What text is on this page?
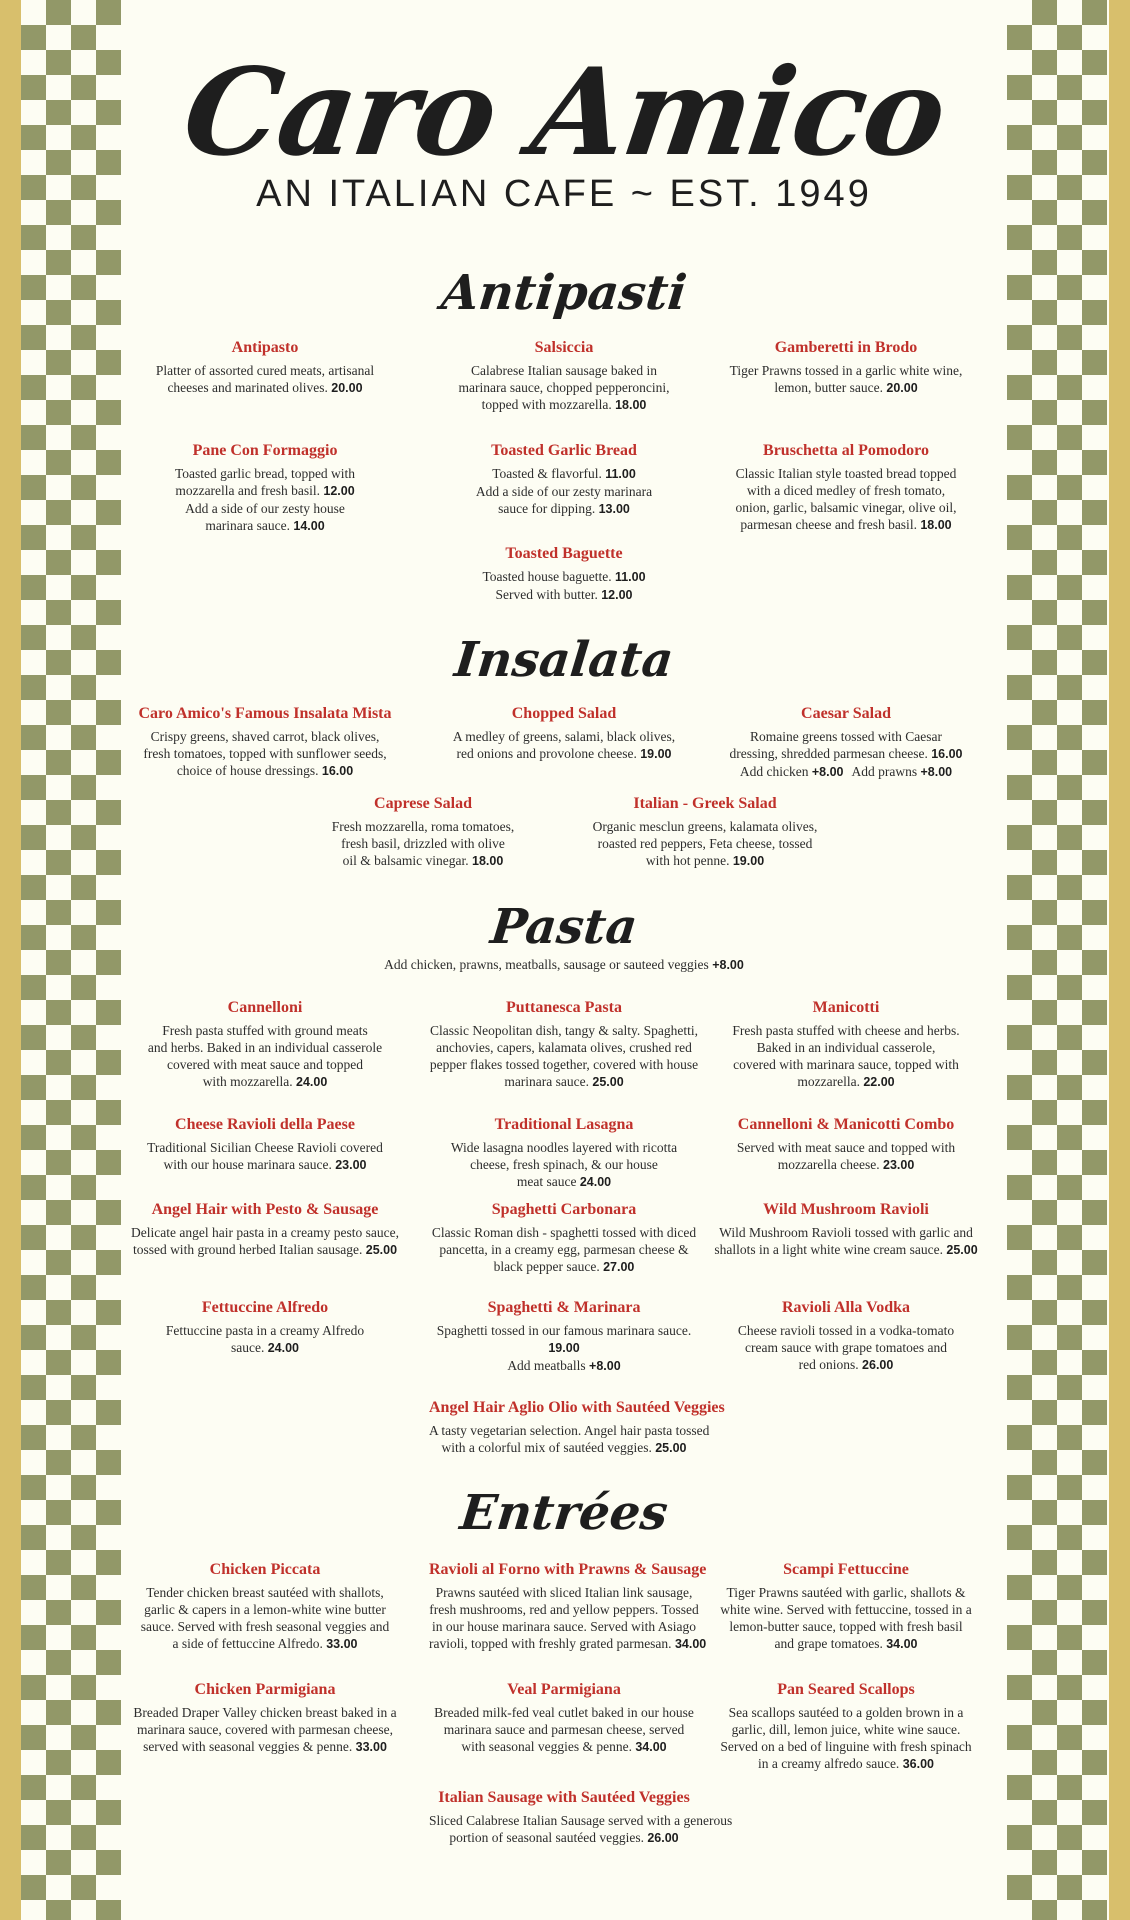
Caro Amico
AN ITALIAN CAFE ~ EST. 1949
Antipasti
Antipasto
Platter of assorted cured meats, artisanal
cheeses and marinated olives. 20.00
Salsiccia
Calabrese Italian sausage baked in
marinara sauce, chopped pepperoncini,
topped with mozzarella. 18.00
Gamberetti in Brodo
Tiger Prawns tossed in a garlic white wine,
lemon, butter sauce. 20.00
Pane Con Formaggio
Toasted garlic bread, topped with
mozzarella and fresh basil. 12.00
Add a side of our zesty house
marinara sauce. 14.00
Toasted Garlic Bread
Toasted & flavorful. 11.00
Add a side of our zesty marinara
sauce for dipping. 13.00
Bruschetta al Pomodoro
Classic Italian style toasted bread topped
with a diced medley of fresh tomato,
onion, garlic, balsamic vinegar, olive oil,
parmesan cheese and fresh basil. 18.00
Toasted Baguette
Toasted house baguette. 11.00
Served with butter. 12.00
Insalata
Caro Amico's Famous Insalata Mista
Crispy greens, shaved carrot, black olives,
fresh tomatoes, topped with sunflower seeds,
choice of house dressings. 16.00
Chopped Salad
A medley of greens, salami, black olives,
red onions and provolone cheese. 19.00
Caesar Salad
Romaine greens tossed with Caesar
dressing, shredded parmesan cheese. 16.00
Add chicken +8.00 Add prawns +8.00
Caprese Salad
Fresh mozzarella, roma tomatoes,
fresh basil, drizzled with olive
oil & balsamic vinegar. 18.00
Italian - Greek Salad
Organic mesclun greens, kalamata olives,
roasted red peppers, Feta cheese, tossed
with hot penne. 19.00
Pasta
Add chicken, prawns, meatballs, sausage or sauteed veggies +8.00
Cannelloni
Fresh pasta stuffed with ground meats
and herbs. Baked in an individual casserole
covered with meat sauce and topped
with mozzarella. 24.00
Puttanesca Pasta
Classic Neopolitan dish, tangy & salty. Spaghetti,
anchovies, capers, kalamata olives, crushed red
pepper flakes tossed together, covered with house
marinara sauce. 25.00
Manicotti
Fresh pasta stuffed with cheese and herbs.
Baked in an individual casserole,
covered with marinara sauce, topped with
mozzarella. 22.00
Cheese Ravioli della Paese
Traditional Sicilian Cheese Ravioli covered
with our house marinara sauce. 23.00
Traditional Lasagna
Wide lasagna noodles layered with ricotta
cheese, fresh spinach, & our house
meat sauce 24.00
Cannelloni & Manicotti Combo
Served with meat sauce and topped with
mozzarella cheese. 23.00
Angel Hair with Pesto & Sausage
Delicate angel hair pasta in a creamy pesto sauce,
tossed with ground herbed Italian sausage. 25.00
Spaghetti Carbonara
Classic Roman dish - spaghetti tossed with diced
pancetta, in a creamy egg, parmesan cheese &
black pepper sauce. 27.00
Wild Mushroom Ravioli
Wild Mushroom Ravioli tossed with garlic and
shallots in a light white wine cream sauce. 25.00
Fettuccine Alfredo
Fettuccine pasta in a creamy Alfredo
sauce. 24.00
Spaghetti & Marinara
Spaghetti tossed in our famous marinara sauce.
19.00
Add meatballs +8.00
Ravioli Alla Vodka
Cheese ravioli tossed in a vodka-tomato
cream sauce with grape tomatoes and
red onions. 26.00
Angel Hair Aglio Olio with Sautéed Veggies
A tasty vegetarian selection. Angel hair pasta tossed
with a colorful mix of sautéed veggies. 25.00
Entrées
Chicken Piccata
Tender chicken breast sautéed with shallots,
garlic & capers in a lemon-white wine butter
sauce. Served with fresh seasonal veggies and
a side of fettuccine Alfredo. 33.00
Ravioli al Forno with Prawns & Sausage
Prawns sautéed with sliced Italian link sausage,
fresh mushrooms, red and yellow peppers. Tossed
in our house marinara sauce. Served with Asiago
ravioli, topped with freshly grated parmesan. 34.00
Scampi Fettuccine
Tiger Prawns sautéed with garlic, shallots &
white wine. Served with fettuccine, tossed in a
lemon-butter sauce, topped with fresh basil
and grape tomatoes. 34.00
Chicken Parmigiana
Breaded Draper Valley chicken breast baked in a
marinara sauce, covered with parmesan cheese,
served with seasonal veggies & penne. 33.00
Veal Parmigiana
Breaded milk-fed veal cutlet baked in our house
marinara sauce and parmesan cheese, served
with seasonal veggies & penne. 34.00
Pan Seared Scallops
Sea scallops sautéed to a golden brown in a
garlic, dill, lemon juice, white wine sauce.
Served on a bed of linguine with fresh spinach
in a creamy alfredo sauce. 36.00
Italian Sausage with Sautéed Veggies
Sliced Calabrese Italian Sausage served with a generous
portion of seasonal sautéed veggies. 26.00
